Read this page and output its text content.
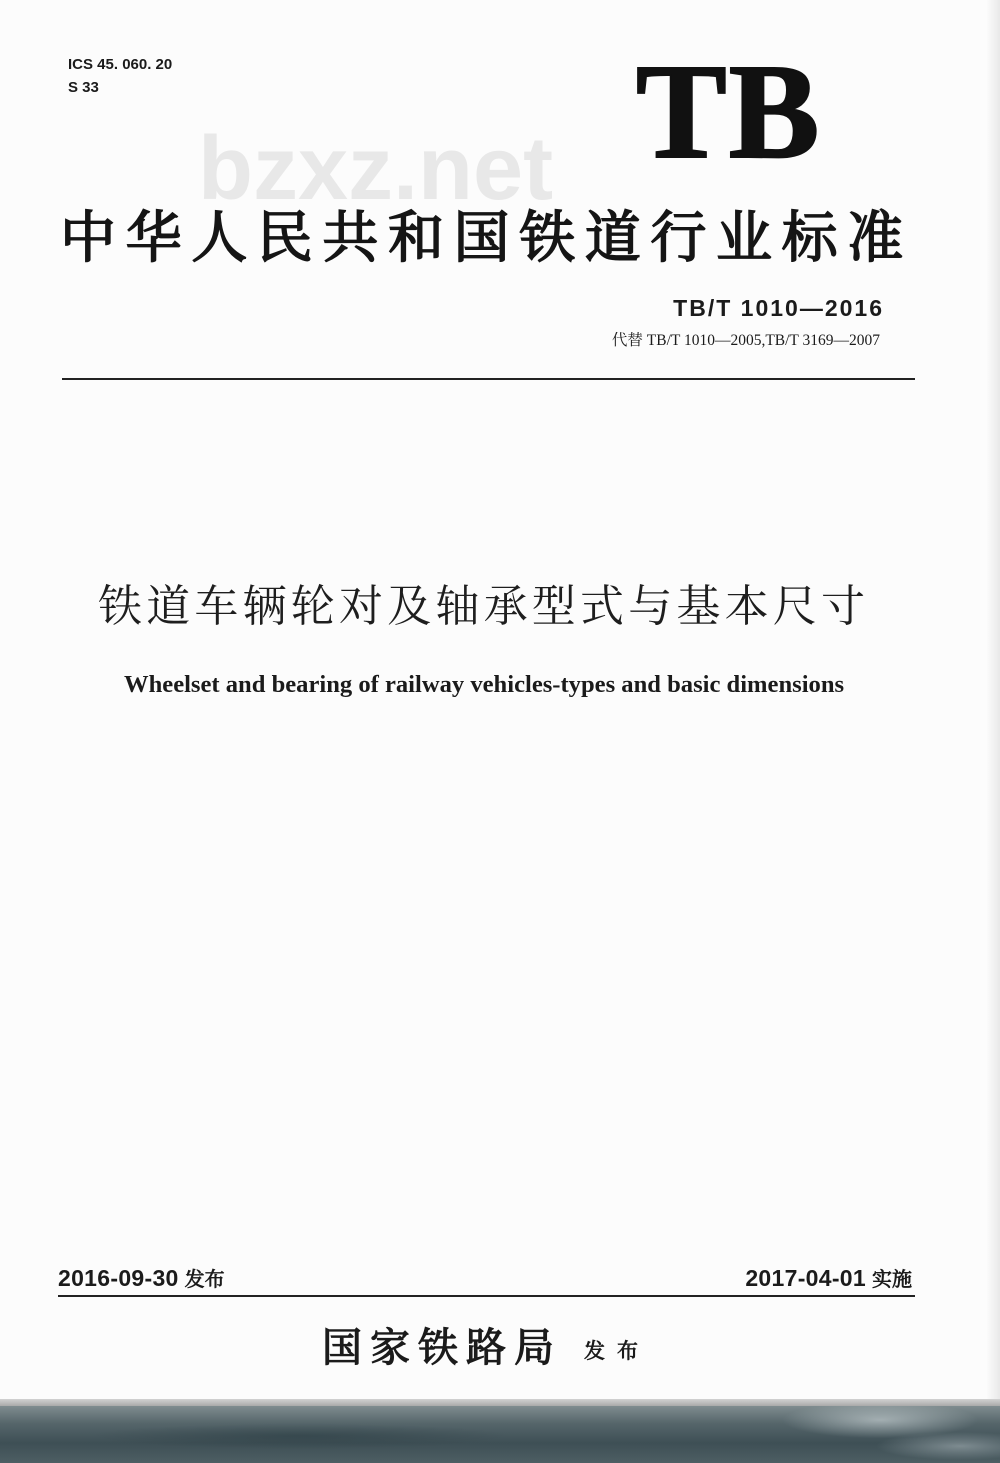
ICS 45. 060. 20
S 33
bzxz.net TB
中华人民共和国铁道行业标准
TB/T 1010—2016
代替 TB/T 1010—2005,TB/T 3169—2007
铁道车辆轮对及轴承型式与基本尺寸
Wheelset and bearing of railway vehicles-types and basic dimensions
2016-09-30 发布	2017-04-01 实施
国家铁路局 发布
